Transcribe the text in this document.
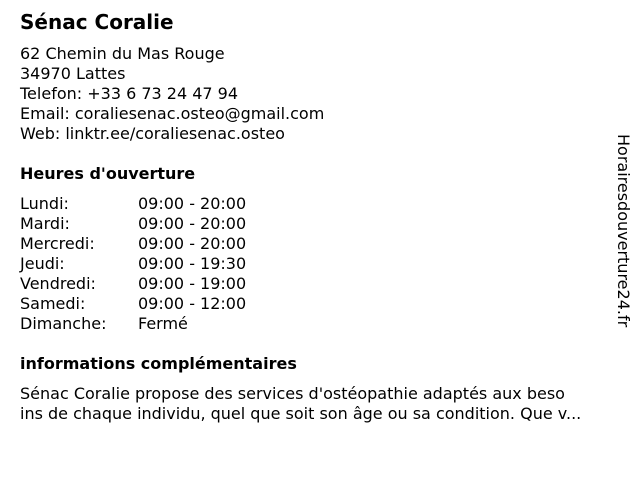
Sénac Coralie
62 Chemin du Mas Rouge
34970 Lattes
Telefon: +33 6 73 24 47 94
Email: coraliesenac.osteo@gmail.com
Web: linktr.ee/coraliesenac.osteo
Heures d'ouverture
Lundi:	09:00 - 20:00
Mardi:	09:00 - 20:00
Mercredi:	09:00 - 20:00
Jeudi:	09:00 - 19:30
Vendredi:	09:00 - 19:00
Samedi:	09:00 - 12:00
Dimanche: Fermé
informations complémentaires
Sénac Coralie propose des services d'ostéopathie adaptés aux beso
ins de chaque individu, quel que soit son âge ou sa condition. Que v...
Horairesdouverture24.fr
